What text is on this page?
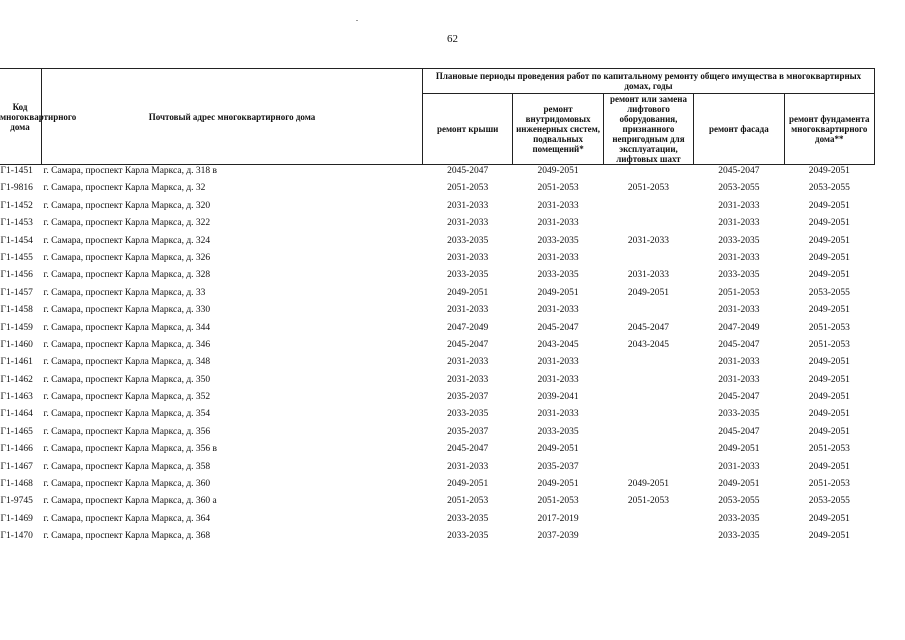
62
Код многоквартирного дома	Почтовый адрес многоквартирного дома	Плановые периоды проведения работ по капитальному ремонту общего имущества в многоквартирных домах, годы				
		ремонт крыши	ремонт внутридомовых инженерных систем, подвальных помещений*	ремонт или замена лифтового оборудования, признанного непригодным для эксплуатации, лифтовых шахт	ремонт фасада	ремонт фундамента многоквартирного дома**
Г1-1451	г. Самара, проспект Карла Маркса, д. 318 в	2045-2047	2049-2051		2045-2047	2049-2051
Г1-9816	г. Самара, проспект Карла Маркса, д. 32	2051-2053	2051-2053	2051-2053	2053-2055	2053-2055
Г1-1452	г. Самара, проспект Карла Маркса, д. 320	2031-2033	2031-2033		2031-2033	2049-2051
Г1-1453	г. Самара, проспект Карла Маркса, д. 322	2031-2033	2031-2033		2031-2033	2049-2051
Г1-1454	г. Самара, проспект Карла Маркса, д. 324	2033-2035	2033-2035	2031-2033	2033-2035	2049-2051
Г1-1455	г. Самара, проспект Карла Маркса, д. 326	2031-2033	2031-2033		2031-2033	2049-2051
Г1-1456	г. Самара, проспект Карла Маркса, д. 328	2033-2035	2033-2035	2031-2033	2033-2035	2049-2051
Г1-1457	г. Самара, проспект Карла Маркса, д. 33	2049-2051	2049-2051	2049-2051	2051-2053	2053-2055
Г1-1458	г. Самара, проспект Карла Маркса, д. 330	2031-2033	2031-2033		2031-2033	2049-2051
Г1-1459	г. Самара, проспект Карла Маркса, д. 344	2047-2049	2045-2047	2045-2047	2047-2049	2051-2053
Г1-1460	г. Самара, проспект Карла Маркса, д. 346	2045-2047	2043-2045	2043-2045	2045-2047	2051-2053
Г1-1461	г. Самара, проспект Карла Маркса, д. 348	2031-2033	2031-2033		2031-2033	2049-2051
Г1-1462	г. Самара, проспект Карла Маркса, д. 350	2031-2033	2031-2033		2031-2033	2049-2051
Г1-1463	г. Самара, проспект Карла Маркса, д. 352	2035-2037	2039-2041		2045-2047	2049-2051
Г1-1464	г. Самара, проспект Карла Маркса, д. 354	2033-2035	2031-2033		2033-2035	2049-2051
Г1-1465	г. Самара, проспект Карла Маркса, д. 356	2035-2037	2033-2035		2045-2047	2049-2051
Г1-1466	г. Самара, проспект Карла Маркса, д. 356 в	2045-2047	2049-2051		2049-2051	2051-2053
Г1-1467	г. Самара, проспект Карла Маркса, д. 358	2031-2033	2035-2037		2031-2033	2049-2051
Г1-1468	г. Самара, проспект Карла Маркса, д. 360	2049-2051	2049-2051	2049-2051	2049-2051	2051-2053
Г1-9745	г. Самара, проспект Карла Маркса, д. 360 а	2051-2053	2051-2053	2051-2053	2053-2055	2053-2055
Г1-1469	г. Самара, проспект Карла Маркса, д. 364	2033-2035	2017-2019		2033-2035	2049-2051
Г1-1470	г. Самара, проспект Карла Маркса, д. 368	2033-2035	2037-2039		2033-2035	2049-2051
